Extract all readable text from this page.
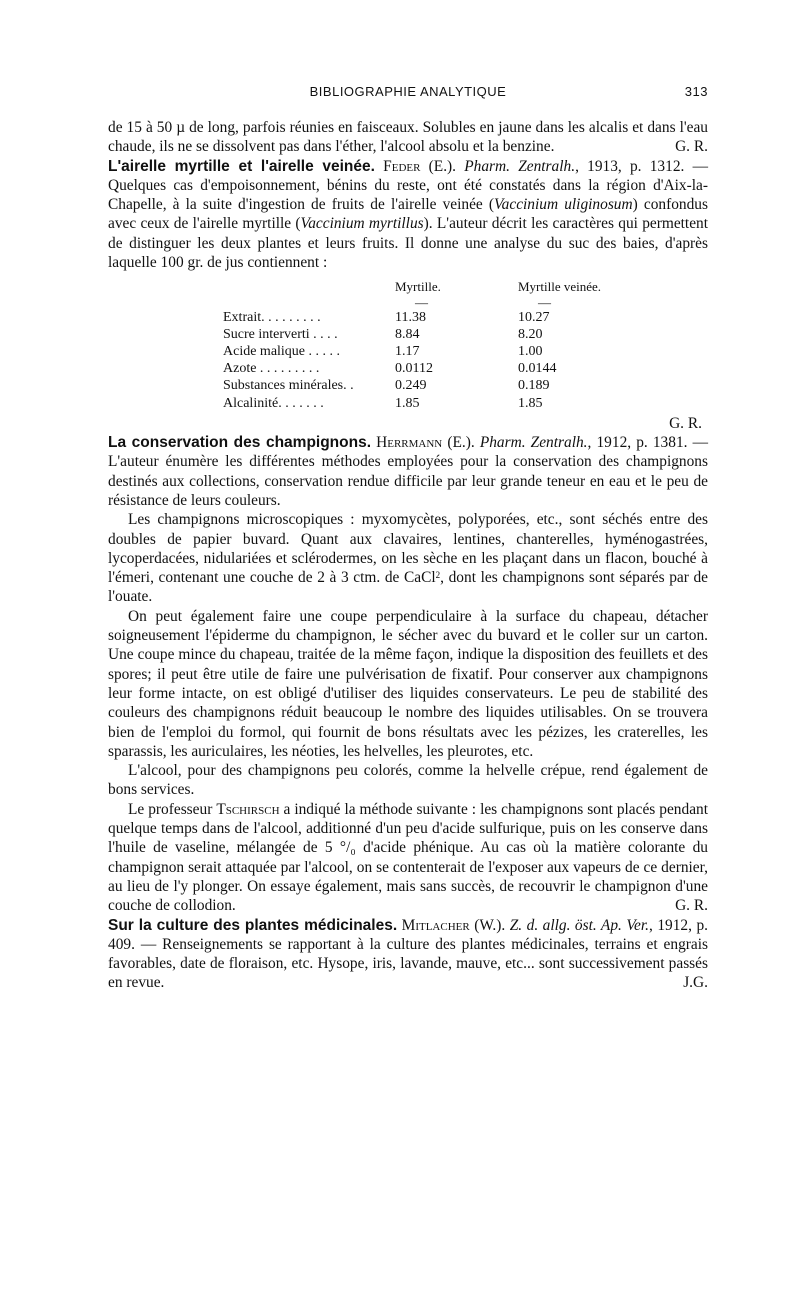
BIBLIOGRAPHIE ANALYTIQUE	313

de 15 à 50 µ de long, parfois réunies en faisceaux. Solubles en jaune dans les alcalis et dans l'eau chaude, ils ne se dissolvent pas dans l'éther, l'alcool absolu et la benzine.	G. R.

L'airelle myrtille et l'airelle veinée. Feder (E.). Pharm. Zentralh., 1913, p. 1312. — Quelques cas d'empoisonnement, bénins du reste, ont été constatés dans la région d'Aix-la-Chapelle, à la suite d'ingestion de fruits de l'airelle veinée (Vaccinium uliginosum) confondus avec ceux de l'airelle myrtille (Vaccinium myrtillus). L'auteur décrit les caractères qui permettent de distinguer les deux plantes et leurs fruits. Il donne une analyse du suc des baies, d'après laquelle 100 gr. de jus contiennent :

	Myrtille.	Myrtille veinée.
	—	—
Extrait. . . . . . . . .	11.38	10.27
Sucre interverti . . . .	8.84	8.20
Acide malique . . . . .	1.17	1.00
Azote . . . . . . . . .	0.0112	0.0144
Substances minérales. .	0.249	0.189
Alcalinité. . . . . . .	1.85	1.85
G. R.

La conservation des champignons. Herrmann (E.). Pharm. Zentralh., 1912, p. 1381. — L'auteur énumère les différentes méthodes employées pour la conservation des champignons destinés aux collections, conservation rendue difficile par leur grande teneur en eau et le peu de résistance de leurs couleurs.

Les champignons microscopiques : myxomycètes, polyporées, etc., sont séchés entre des doubles de papier buvard. Quant aux clavaires, lentines, chanterelles, hyménogastrées, lycoperdacées, nidulariées et sclérodermes, on les sèche en les plaçant dans un flacon, bouché à l'émeri, contenant une couche de 2 à 3 ctm. de CaCl$^2$, dont les champignons sont séparés par de l'ouate.

On peut également faire une coupe perpendiculaire à la surface du chapeau, détacher soigneusement l'épiderme du champignon, le sécher avec du buvard et le coller sur un carton. Une coupe mince du chapeau, traitée de la même façon, indique la disposition des feuillets et des spores; il peut être utile de faire une pulvérisation de fixatif. Pour conserver aux champignons leur forme intacte, on est obligé d'utiliser des liquides conservateurs. Le peu de stabilité des couleurs des champignons réduit beaucoup le nombre des liquides utilisables. On se trouvera bien de l'emploi du formol, qui fournit de bons résultats avec les pézizes, les craterelles, les sparassis, les auriculaires, les néoties, les helvelles, les pleurotes, etc.

L'alcool, pour des champignons peu colorés, comme la helvelle crépue, rend également de bons services.

Le professeur Tschirsch a indiqué la méthode suivante : les champignons sont placés pendant quelque temps dans de l'alcool, additionné d'un peu d'acide sulfurique, puis on les conserve dans l'huile de vaseline, mélangée de 5 °/₀ d'acide phénique. Au cas où la matière colorante du champignon serait attaquée par l'alcool, on se contenterait de l'exposer aux vapeurs de ce dernier, au lieu de l'y plonger. On essaye également, mais sans succès, de recouvrir le champignon d'une couche de collodion.	G. R.

Sur la culture des plantes médicinales. Mitlacher (W.). Z. d. allg. öst. Ap. Ver., 1912, p. 409. — Renseignements se rapportant à la culture des plantes médicinales, terrains et engrais favorables, date de floraison, etc. Hysope, iris, lavande, mauve, etc... sont successivement passés en revue.	J.G.
